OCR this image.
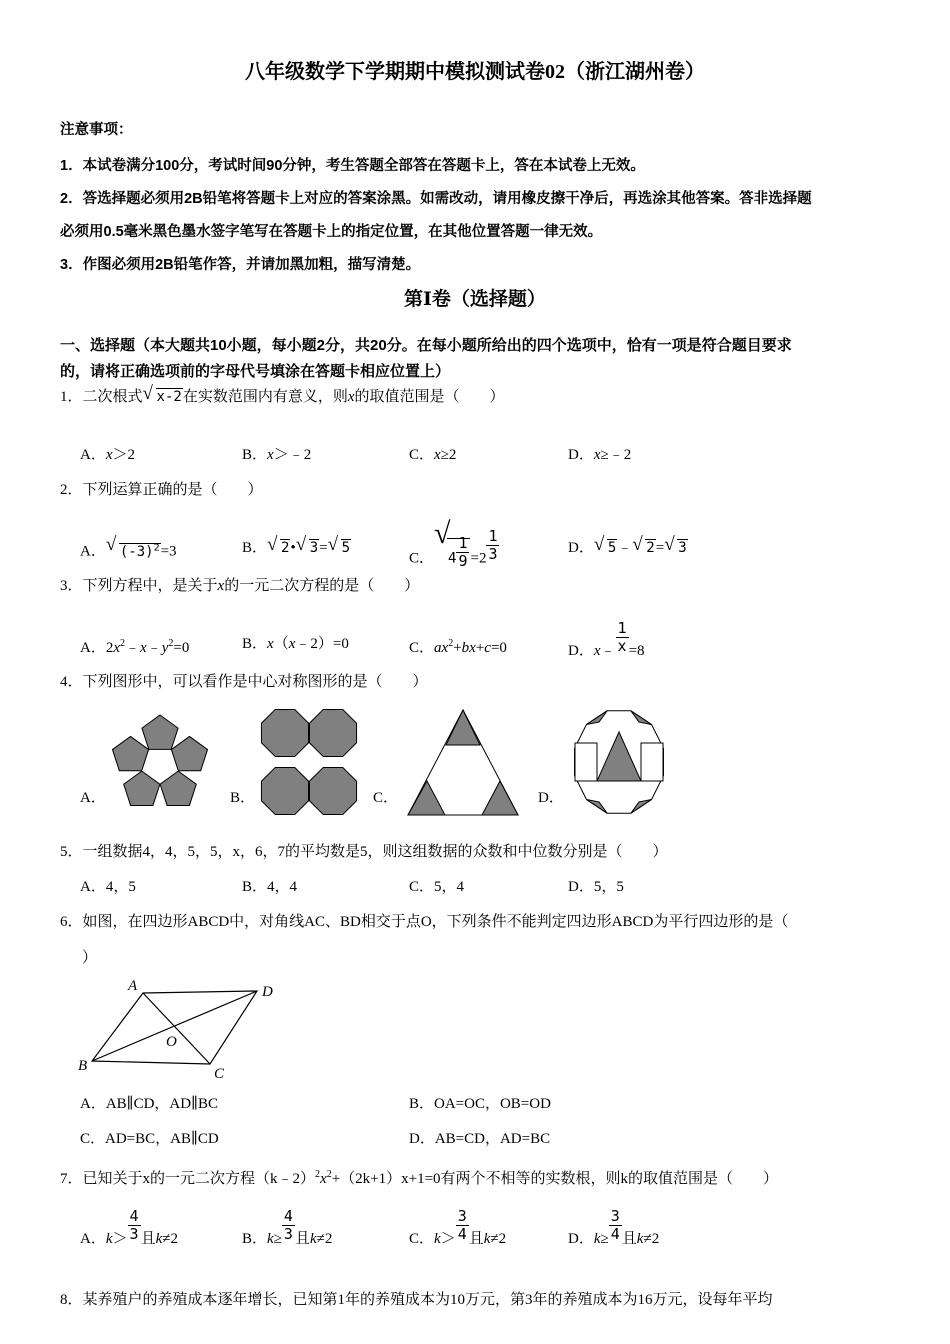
八年级数学下学期期中模拟测试卷02（浙江湖州卷）
注意事项：
1．本试卷满分100分，考试时间90分钟，考生答题全部答在答题卡上，答在本试卷上无效。
2．答选择题必须用2B铅笔将答题卡上对应的答案涂黑。如需改动，请用橡皮擦干净后，再选涂其他答案。答非选择题
必须用0.5毫米黑色墨水签字笔写在答题卡上的指定位置，在其他位置答题一律无效。
3．作图必须用2B铅笔作答，并请加黑加粗，描写清楚。
第Ⅰ卷（选择题）
一、选择题（本大题共10小题，每小题2分，共20分。在每小题所给出的四个选项中，恰有一项是符合题目要求
的，请将正确选项前的字母代号填涂在答题卡相应位置上）
1．二次根式 √ x-2在实数范围内有意义，则x的取值范围是（　　）
A．x＞2	B．x＞﹣2	C．x≥2	D．x≥﹣2
2．下列运算正确的是（　　）
A． √ $(-3)^2=3$	B． √ 2• √ 3= √ 5
C． √ $4 \frac{1}{9} =2 \frac{1}{3}$	D． √ 5﹣ √ 2= √ 3
3．下列方程中，是关于x的一元二次方程的是（　　）
A．$2x^2﹣x﹣y^2=0$	B．x（x﹣2）=0	C．$ax^2+bx+c=0$	D．x﹣ $\frac{1}{x} =8$
4．下列图形中，可以看作是中心对称图形的是（　　）
A．	B．	C．	D．
5．一组数据4，4，5，5，x，6，7的平均数是5，则这组数据的众数和中位数分别是（　　）
A．4，5	B．4，4	C．5，4	D．5，5
6．如图，在四边形ABCD中，对角线AC、BD相交于点O，下列条件不能判定四边形ABCD为平行四边形的是（
）
A	D
B	C
O
A．AB∥CD，AD∥BC	B．OA=OC，OB=OD
C．AD=BC，AB∥CD	D．AB=CD，AD=BC
7．已知关于x的一元二次方程$(k﹣2)^2x^2+(2k+1)x+1=0$有两个不相等的实数根，则k的取值范围是（　　）
A．$k> \frac{4}{3}$ 且k≠2	B．$k\ge \frac{4}{3}$ 且k≠2	C．$k> \frac{3}{4}$ 且k≠2	D．$k\ge \frac{3}{4}$ 且k≠2
8．某养殖户的养殖成本逐年增长，已知第1年的养殖成本为10万元，第3年的养殖成本为16万元，设每年平均
